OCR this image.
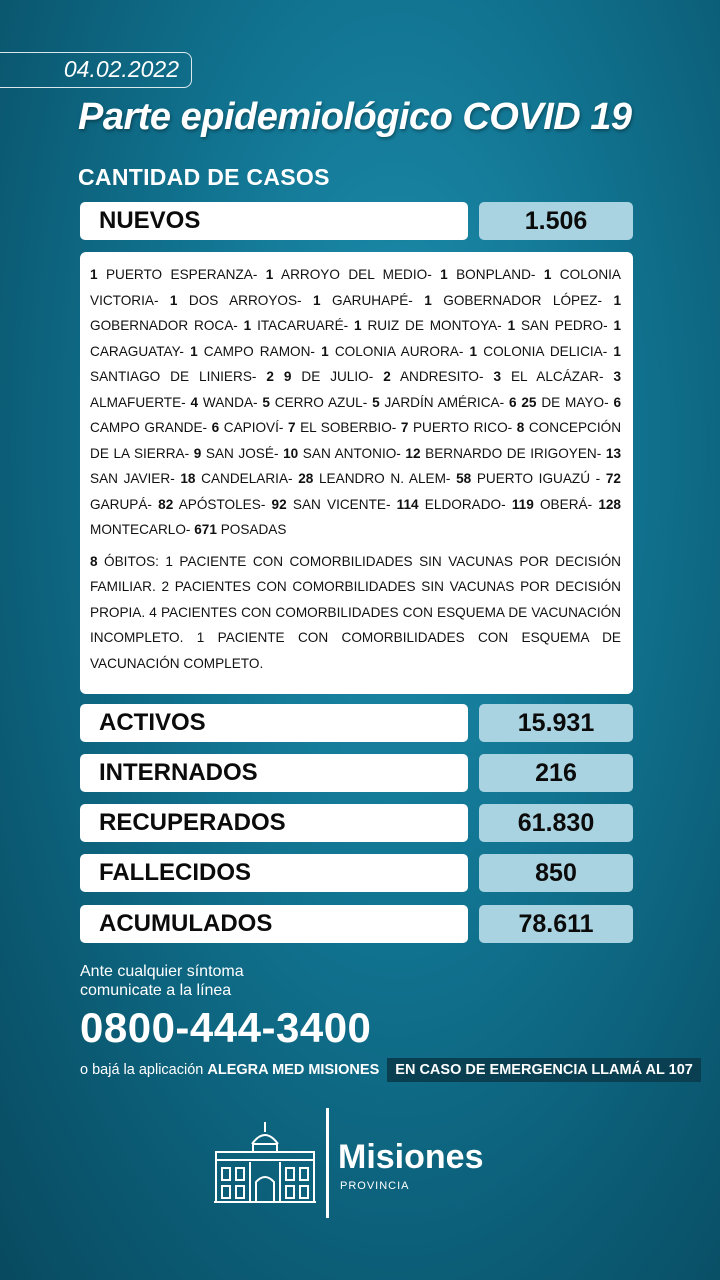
04.02.2022
Parte epidemiológico COVID 19
CANTIDAD DE CASOS
NUEVOS	1.506

1 PUERTO ESPERANZA- 1 ARROYO DEL MEDIO- 1 BONPLAND- 1 COLONIA VICTORIA- 1 DOS ARROYOS- 1 GARUHAPÉ- 1 GOBERNADOR LÓPEZ- 1 GOBERNADOR ROCA- 1 ITACARUARÉ- 1 RUIZ DE MONTOYA- 1 SAN PEDRO- 1 CARAGUATAY- 1 CAMPO RAMON- 1 COLONIA AURORA- 1 COLONIA DELICIA- 1 SANTIAGO DE LINIERS- 2 9 DE JULIO- 2 ANDRESITO- 3 EL ALCÁZAR- 3 ALMAFUERTE- 4 WANDA- 5 CERRO AZUL- 5 JARDÍN AMÉRICA- 6 25 DE MAYO- 6 CAMPO GRANDE- 6 CAPIOVÍ- 7 EL SOBERBIO- 7 PUERTO RICO- 8 CONCEPCIÓN DE LA SIERRA- 9 SAN JOSÉ- 10 SAN ANTONIO- 12 BERNARDO DE IRIGOYEN- 13 SAN JAVIER- 18 CANDELARIA- 28 LEANDRO N. ALEM- 58 PUERTO IGUAZÚ - 72 GARUPÁ- 82 APÓSTOLES- 92 SAN VICENTE- 114 ELDORADO- 119 OBERÁ- 128 MONTECARLO- 671 POSADAS

8 ÓBITOS: 1 PACIENTE CON COMORBILIDADES SIN VACUNAS POR DECISIÓN FAMILIAR. 2 PACIENTES CON COMORBILIDADES SIN VACUNAS POR DECISIÓN PROPIA. 4 PACIENTES CON COMORBILIDADES CON ESQUEMA DE VACUNACIÓN INCOMPLETO. 1 PACIENTE CON COMORBILIDADES CON ESQUEMA DE VACUNACIÓN COMPLETO.

ACTIVOS	15.931
INTERNADOS	216
RECUPERADOS	61.830
FALLECIDOS	850
ACUMULADOS	78.611
Ante cualquier síntoma
comunicate a la línea
0800-444-3400
o bajá la aplicación ALEGRA MED MISIONES EN CASO DE EMERGENCIA LLAMÁ AL 107
Misiones
PROVINCIA
